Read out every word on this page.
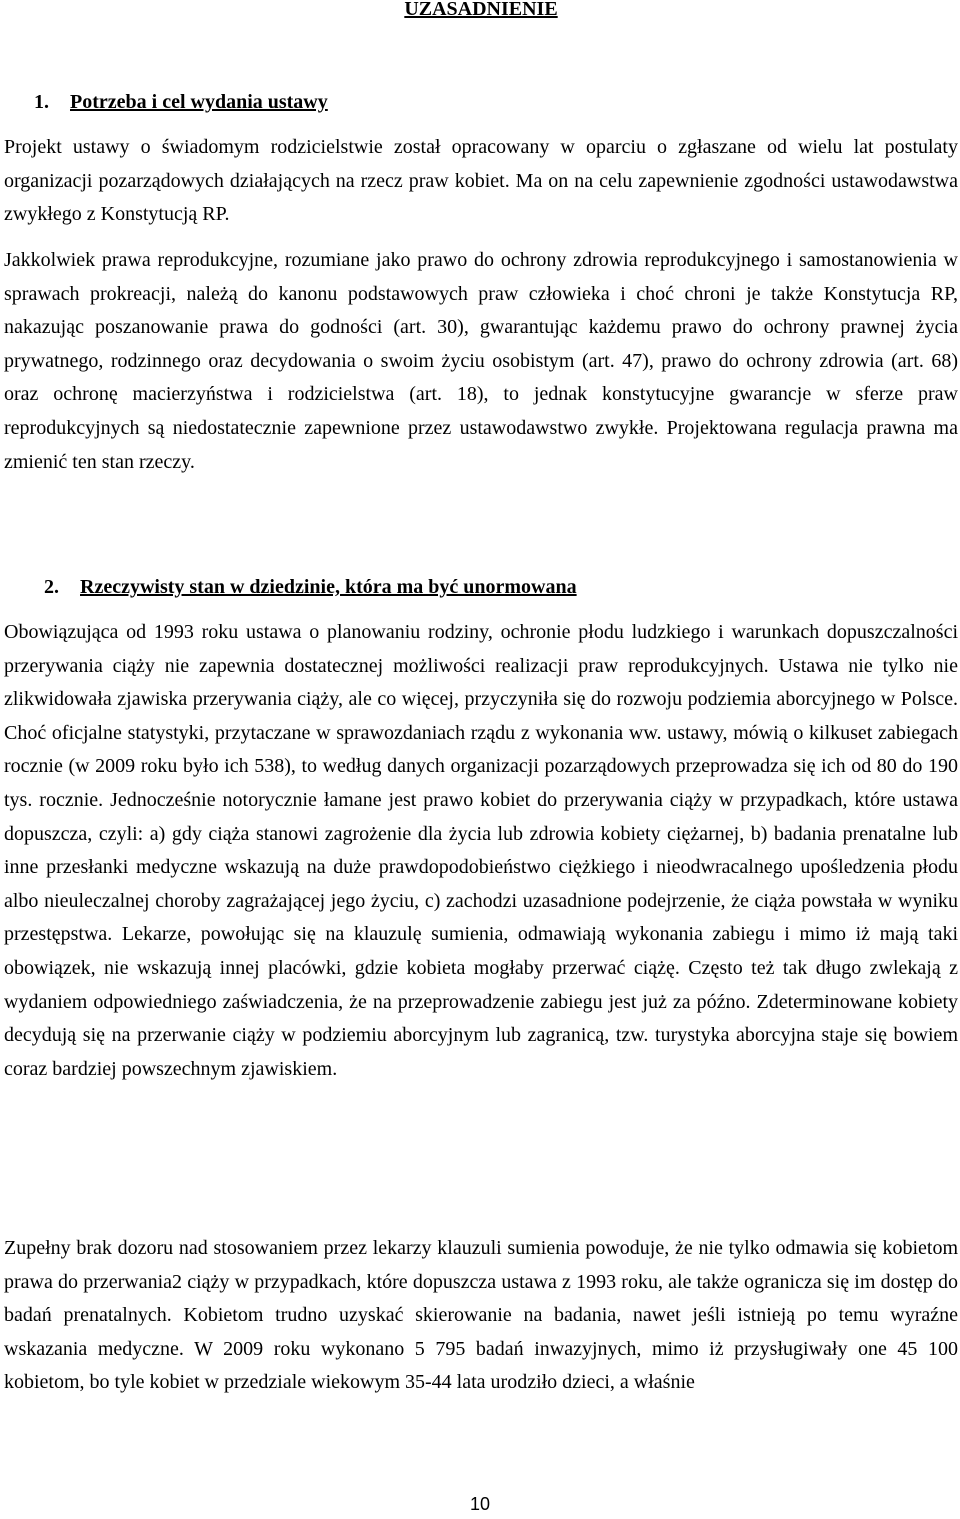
UZASADNIENIE
1. Potrzeba i cel wydania ustawy

Projekt ustawy o świadomym rodzicielstwie został opracowany w oparciu o zgłaszane od wielu lat postulaty organizacji pozarządowych działających na rzecz praw kobiet. Ma on na celu zapewnienie zgodności ustawodawstwa zwykłego z Konstytucją RP.

Jakkolwiek prawa reprodukcyjne, rozumiane jako prawo do ochrony zdrowia reprodukcyjnego i samostanowienia w sprawach prokreacji, należą do kanonu podstawowych praw człowieka i choć chroni je także Konstytucja RP, nakazując poszanowanie prawa do godności (art. 30), gwarantując każdemu prawo do ochrony prawnej życia prywatnego, rodzinnego oraz decydowania o swoim życiu osobistym (art. 47), prawo do ochrony zdrowia (art. 68) oraz ochronę macierzyństwa i rodzicielstwa (art. 18), to jednak konstytucyjne gwarancje w sferze praw reprodukcyjnych są niedostatecznie zapewnione przez ustawodawstwo zwykłe. Projektowana regulacja prawna ma zmienić ten stan rzeczy.

2. Rzeczywisty stan w dziedzinie, która ma być unormowana

Obowiązująca od 1993 roku ustawa o planowaniu rodziny, ochronie płodu ludzkiego i warunkach dopuszczalności przerywania ciąży nie zapewnia dostatecznej możliwości realizacji praw reprodukcyjnych. Ustawa nie tylko nie zlikwidowała zjawiska przerywania ciąży, ale co więcej, przyczyniła się do rozwoju podziemia aborcyjnego w Polsce. Choć oficjalne statystyki, przytaczane w sprawozdaniach rządu z wykonania ww. ustawy, mówią o kilkuset zabiegach rocznie (w 2009 roku było ich 538), to według danych organizacji pozarządowych przeprowadza się ich od 80 do 190 tys. rocznie. Jednocześnie notorycznie łamane jest prawo kobiet do przerywania ciąży w przypadkach, które ustawa dopuszcza, czyli: a) gdy ciąża stanowi zagrożenie dla życia lub zdrowia kobiety ciężarnej, b) badania prenatalne lub inne przesłanki medyczne wskazują na duże prawdopodobieństwo ciężkiego i nieodwracalnego upośledzenia płodu albo nieuleczalnej choroby zagrażającej jego życiu, c) zachodzi uzasadnione podejrzenie, że ciąża powstała w wyniku przestępstwa. Lekarze, powołując się na klauzulę sumienia, odmawiają wykonania zabiegu i mimo iż mają taki obowiązek, nie wskazują innej placówki, gdzie kobieta mogłaby przerwać ciążę. Często też tak długo zwlekają z wydaniem odpowiedniego zaświadczenia, że na przeprowadzenie zabiegu jest już za późno. Zdeterminowane kobiety decydują się na przerwanie ciąży w podziemiu aborcyjnym lub zagranicą, tzw. turystyka aborcyjna staje się bowiem coraz bardziej powszechnym zjawiskiem.

Zupełny brak dozoru nad stosowaniem przez lekarzy klauzuli sumienia powoduje, że nie tylko odmawia się kobietom prawa do przerwania2 ciąży w przypadkach, które dopuszcza ustawa z 1993 roku, ale także ogranicza się im dostęp do badań prenatalnych. Kobietom trudno uzyskać skierowanie na badania, nawet jeśli istnieją po temu wyraźne wskazania medyczne. W 2009 roku wykonano 5 795 badań inwazyjnych, mimo iż przysługiwały one 45 100 kobietom, bo tyle kobiet w przedziale wiekowym 35-44 lata urodziło dzieci, a właśnie

10
